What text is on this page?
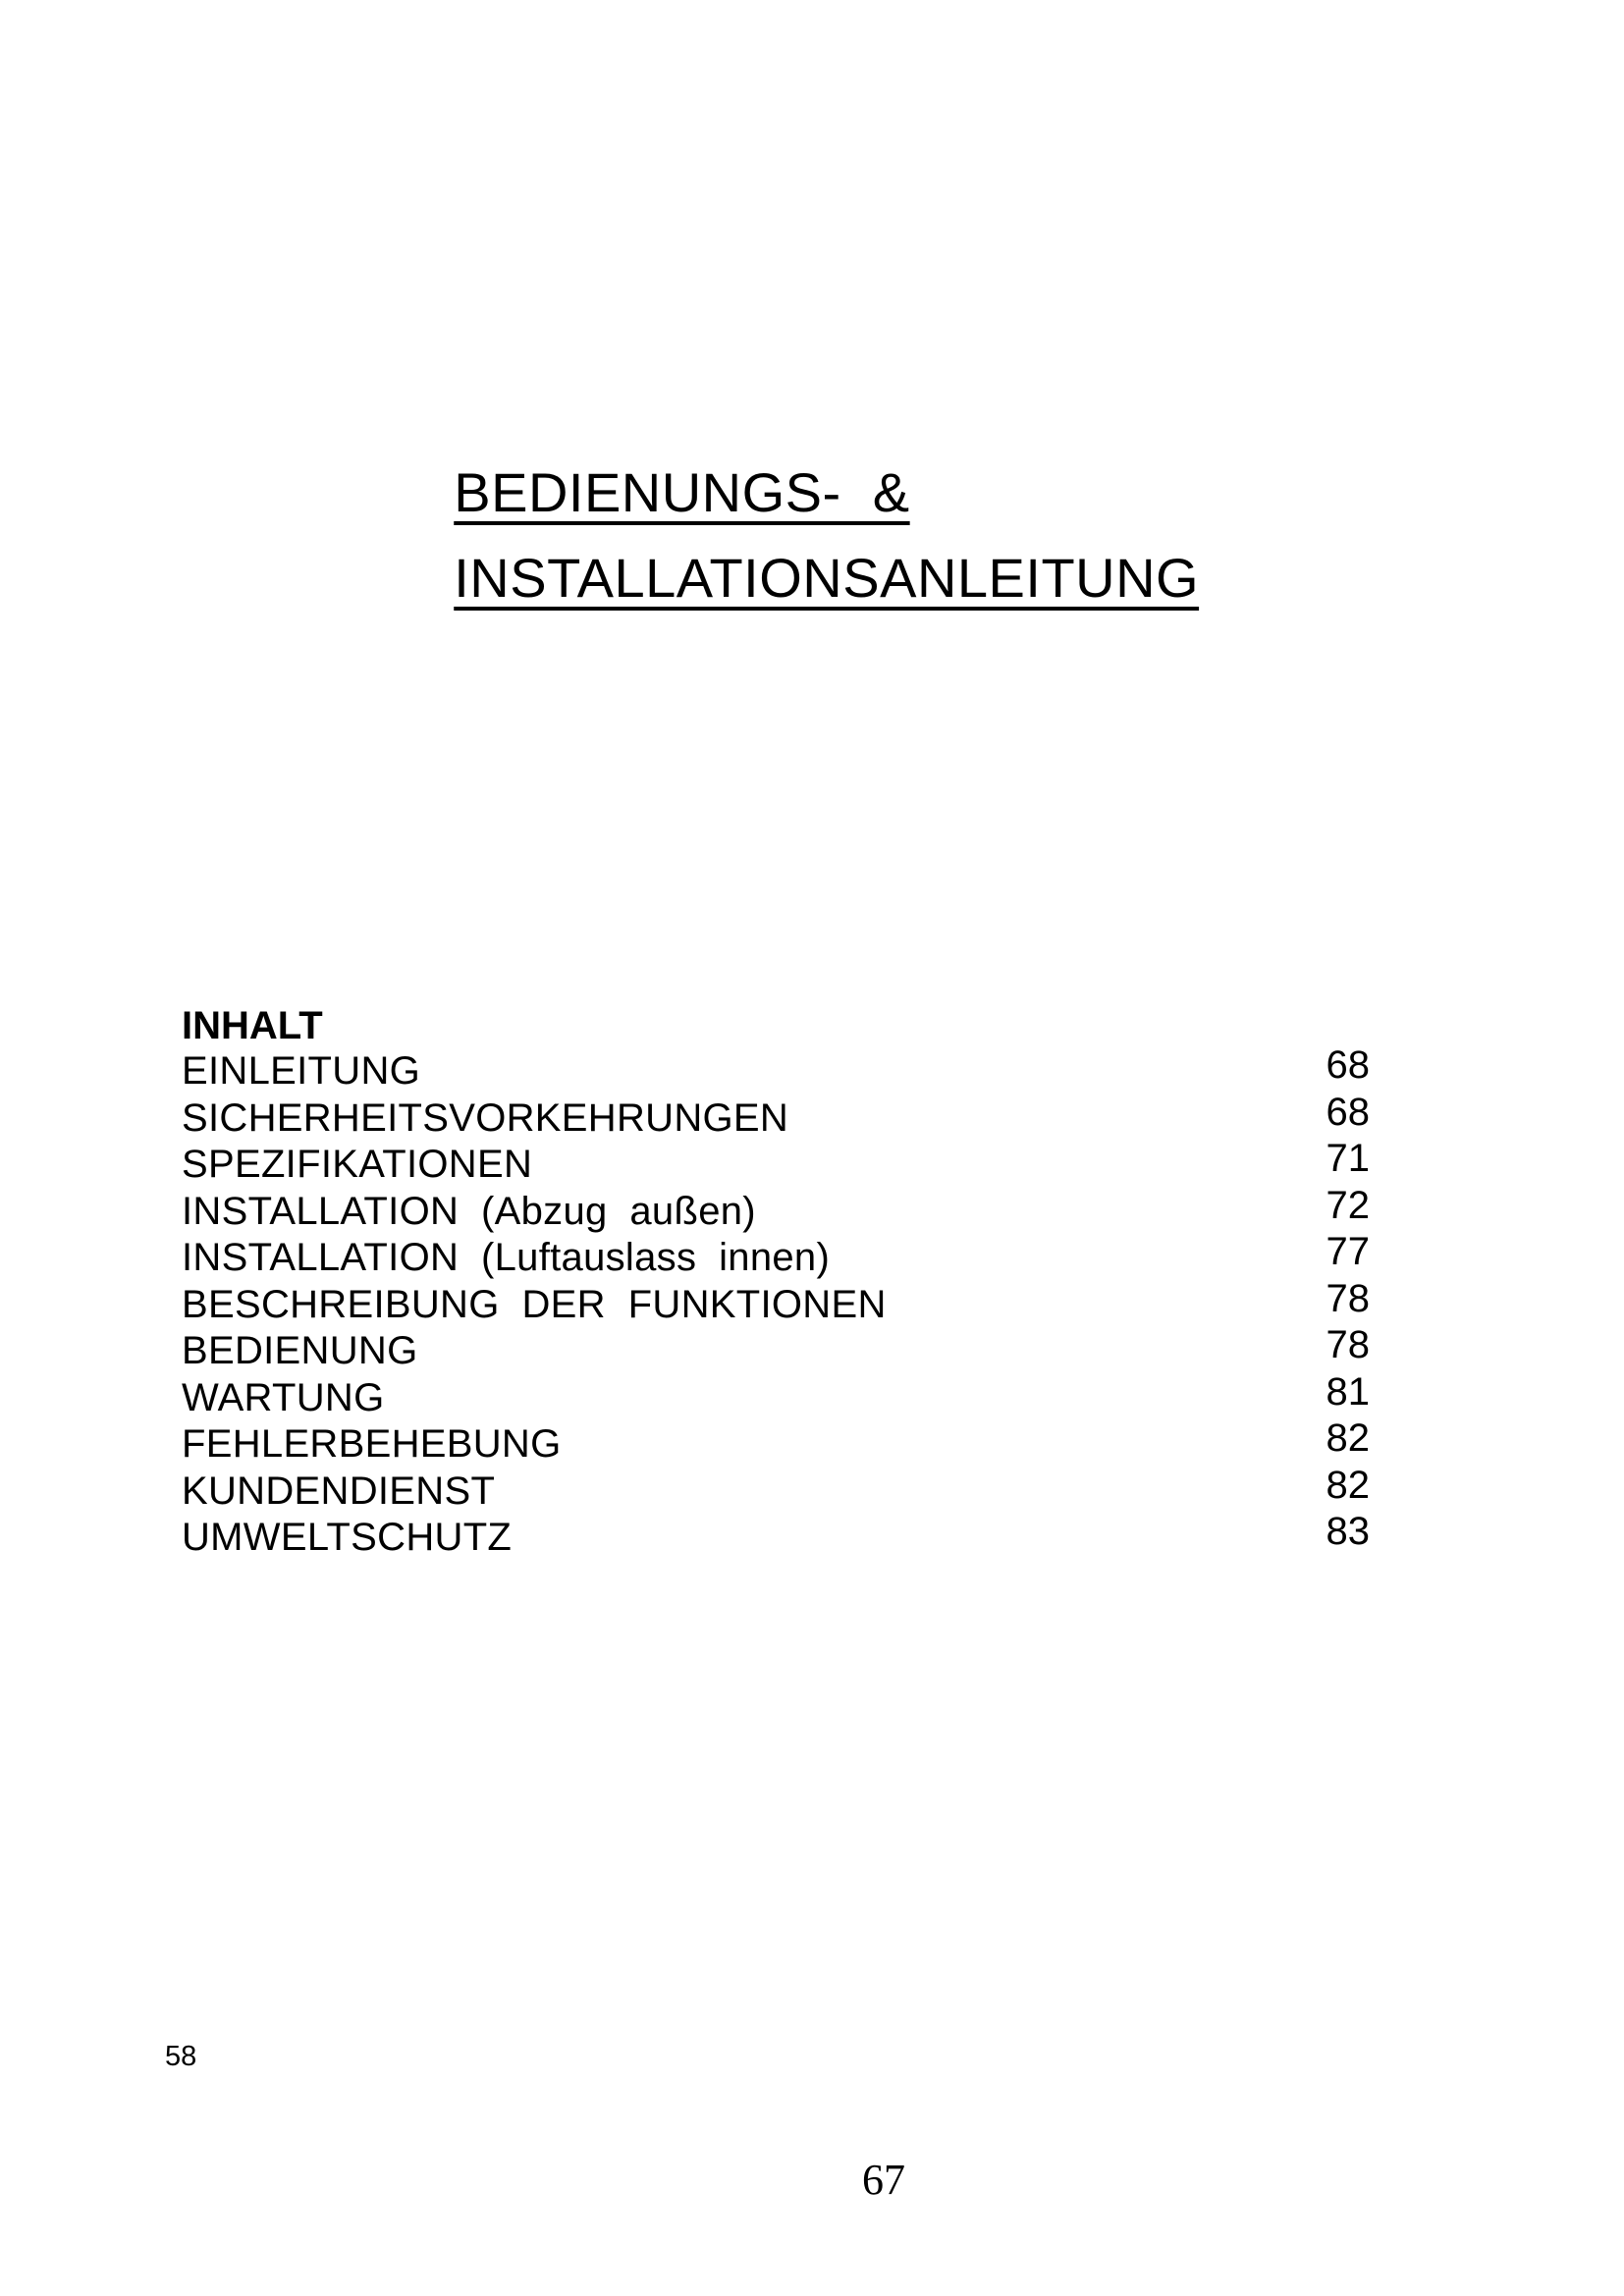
BEDIENUNGS-  &

INSTALLATIONSANLEITUNG

INHALT
EINLEITUNG	68
SICHERHEITSVORKEHRUNGEN	68
SPEZIFIKATIONEN	71
INSTALLATION  (Abzug  außen)	72
INSTALLATION  (Luftauslass  innen)	77
BESCHREIBUNG  DER  FUNKTIONEN	78
BEDIENUNG	78
WARTUNG	81
FEHLERBEHEBUNG	82
KUNDENDIENST	82
UMWELTSCHUTZ	83
58
67
